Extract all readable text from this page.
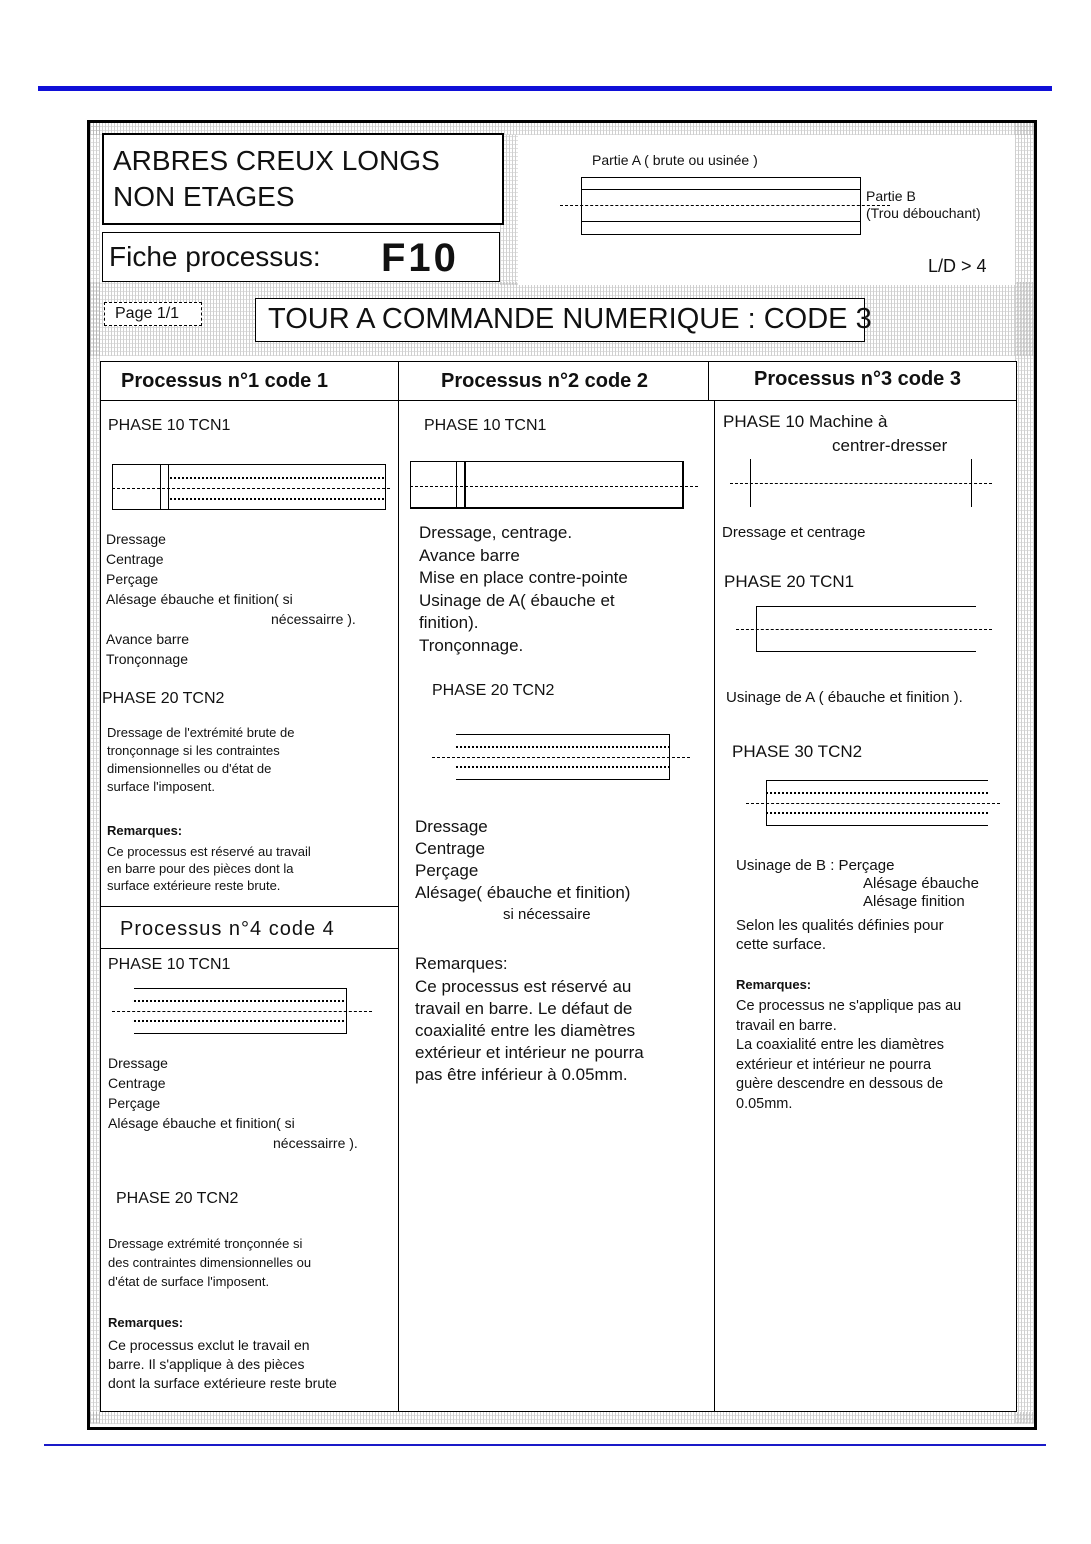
ARBRES CREUX LONGS
NON ETAGES
Fiche processus: F10
Partie A ( brute ou usinée )
Partie B
(Trou débouchant)
L/D > 4
Page 1/1	TOUR A COMMANDE NUMERIQUE : CODE 3
Processus n°1 code 1	Processus n°2 code 2	Processus n°3 code 3
PHASE 10 TCN1
Dressage
Centrage
Perçage
Alésage ébauche et finition( si
nécessairre ).
Avance barre
Tronçonnage
PHASE 20 TCN2
Dressage de l'extrémité brute de
tronçonnage si les contraintes
dimensionnelles ou d'état de
surface l'imposent.
Remarques:
Ce processus est réservé au travail
en barre pour des pièces dont la
surface extérieure reste brute.
Processus n°4 code 4
PHASE 10 TCN1
Dressage
Centrage
Perçage
Alésage ébauche et finition( si
nécessairre ).
PHASE 20 TCN2
Dressage extrémité tronçonnée si
des contraintes dimensionnelles ou
d'état de surface l'imposent.
Remarques:
Ce processus exclut le travail en
barre. Il s'applique à des pièces
dont la surface extérieure reste brute
PHASE 10 TCN1
Dressage, centrage.
Avance barre
Mise en place contre-pointe
Usinage de A( ébauche et
finition).
Tronçonnage.
PHASE 20 TCN2
Dressage
Centrage
Perçage
Alésage( ébauche et finition)
si nécessaire
Remarques:
Ce processus est réservé au
travail en barre. Le défaut de
coaxialité entre les diamètres
extérieur et intérieur ne pourra
pas être inférieur à 0.05mm.
PHASE 10 Machine à
centrer-dresser
Dressage et centrage
PHASE 20 TCN1
Usinage de A ( ébauche et finition ).
PHASE 30 TCN2
Usinage de B : Perçage
Alésage ébauche
Alésage finition
Selon les qualités définies pour
cette surface.
Remarques:
Ce processus ne s'applique pas au
travail en barre.
La coaxialité entre les diamètres
extérieur et intérieur ne pourra
guère descendre en dessous de
0.05mm.
